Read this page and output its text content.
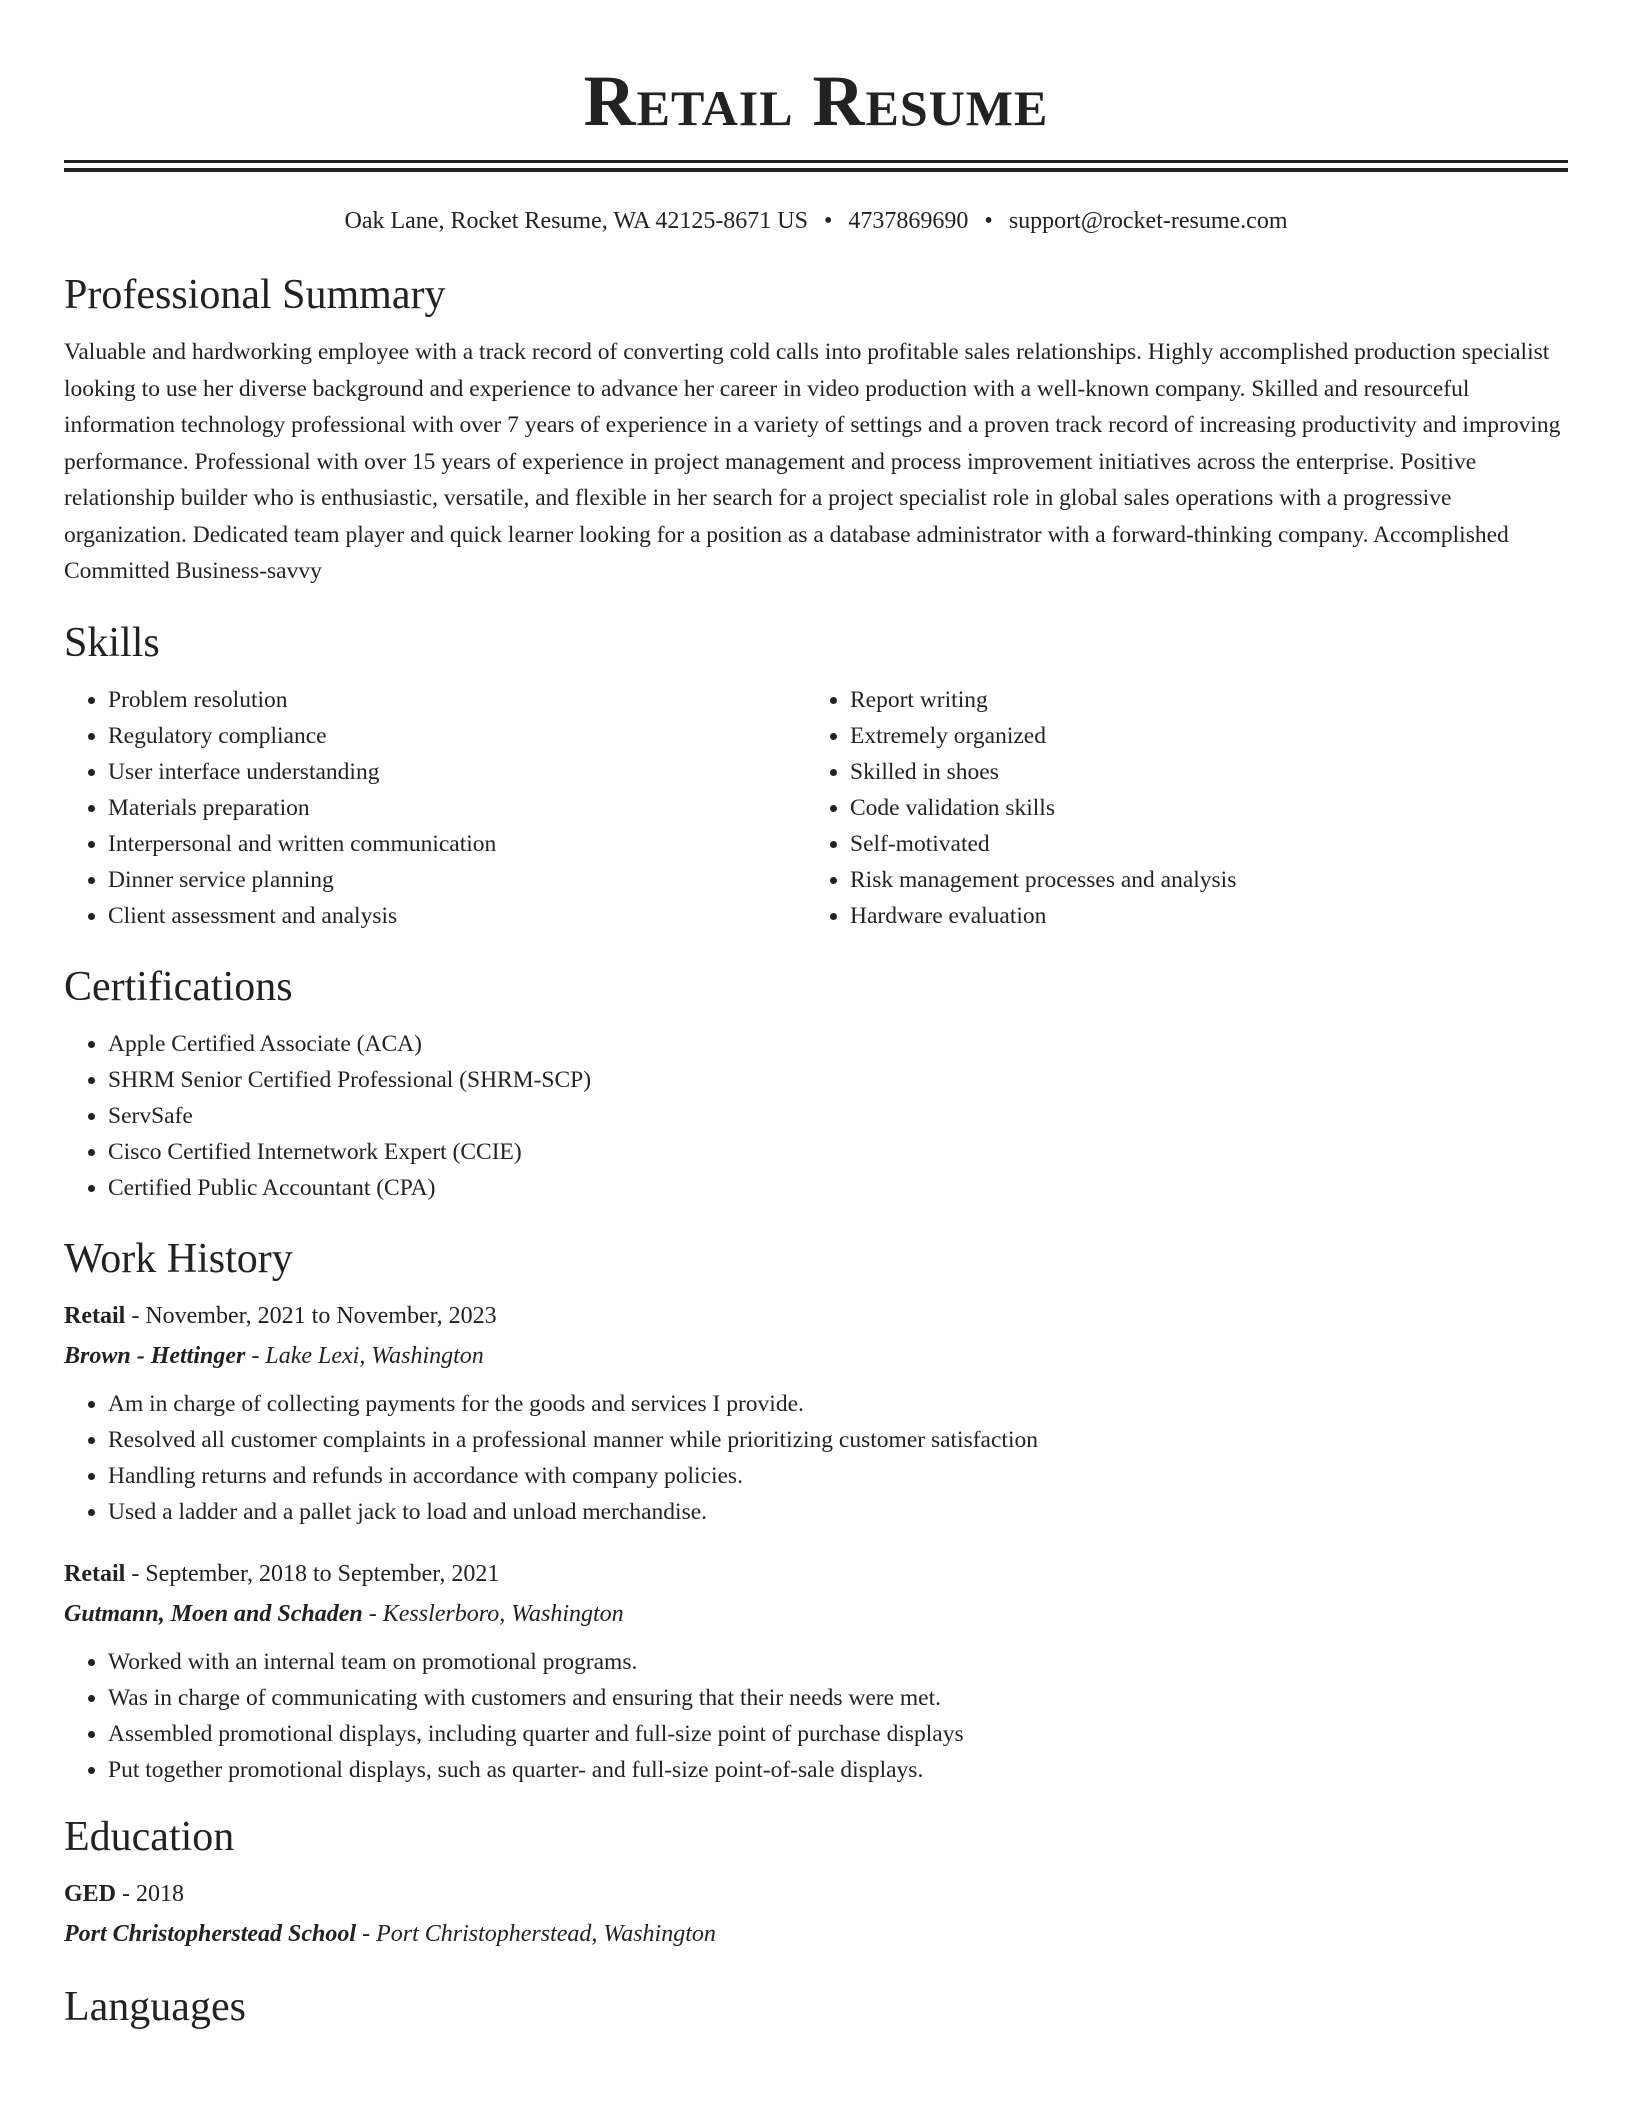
Retail Resume
Oak Lane, Rocket Resume, WA 42125-8671 US • 4737869690 • support@rocket-resume.com
Professional Summary

Valuable and hardworking employee with a track record of converting cold calls into profitable sales relationships. Highly accomplished production specialist looking to use her diverse background and experience to advance her career in video production with a well-known company. Skilled and resourceful information technology professional with over 7 years of experience in a variety of settings and a proven track record of increasing productivity and improving performance. Professional with over 15 years of experience in project management and process improvement initiatives across the enterprise. Positive relationship builder who is enthusiastic, versatile, and flexible in her search for a project specialist role in global sales operations with a progressive organization. Dedicated team player and quick learner looking for a position as a database administrator with a forward-thinking company. Accomplished Committed Business-savvy

Skills
• Problem resolution
• Regulatory compliance
• User interface understanding
• Materials preparation
• Interpersonal and written communication
• Dinner service planning
• Client assessment and analysis
• Report writing
• Extremely organized
• Skilled in shoes
• Code validation skills
• Self-motivated
• Risk management processes and analysis
• Hardware evaluation
Certifications
• Apple Certified Associate (ACA)
• SHRM Senior Certified Professional (SHRM-SCP)
• ServSafe
• Cisco Certified Internetwork Expert (CCIE)
• Certified Public Accountant (CPA)
Work History
Retail - November, 2021 to November, 2023
Brown - Hettinger - Lake Lexi, Washington
• Am in charge of collecting payments for the goods and services I provide.
• Resolved all customer complaints in a professional manner while prioritizing customer satisfaction
• Handling returns and refunds in accordance with company policies.
• Used a ladder and a pallet jack to load and unload merchandise.
Retail - September, 2018 to September, 2021
Gutmann, Moen and Schaden - Kesslerboro, Washington
• Worked with an internal team on promotional programs.
• Was in charge of communicating with customers and ensuring that their needs were met.
• Assembled promotional displays, including quarter and full-size point of purchase displays
• Put together promotional displays, such as quarter- and full-size point-of-sale displays.
Education
GED - 2018
Port Christopherstead School - Port Christopherstead, Washington
Languages
